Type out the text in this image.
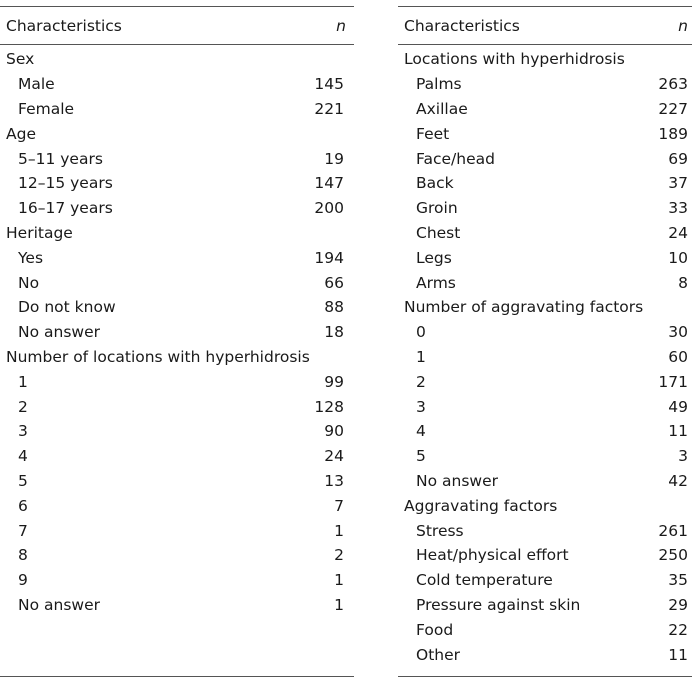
Characteristics	n
Sex
Male	145
Female	221
Age
5–11 years	19
12–15 years	147
16–17 years	200
Heritage
Yes	194
No	66
Do not know	88
No answer	18
Number of locations with hyperhidrosis
1	99
2	128
3	90
4	24
5	13
6	7
7	1
8	2
9	1
No answer	1
Characteristics	n
Locations with hyperhidrosis
Palms	263
Axillae	227
Feet	189
Face/head	69
Back	37
Groin	33
Chest	24
Legs	10
Arms	8
Number of aggravating factors
0	30
1	60
2	171
3	49
4	11
5	3
No answer	42
Aggravating factors
Stress	261
Heat/physical effort	250
Cold temperature	35
Pressure against skin	29
Food	22
Other	11
